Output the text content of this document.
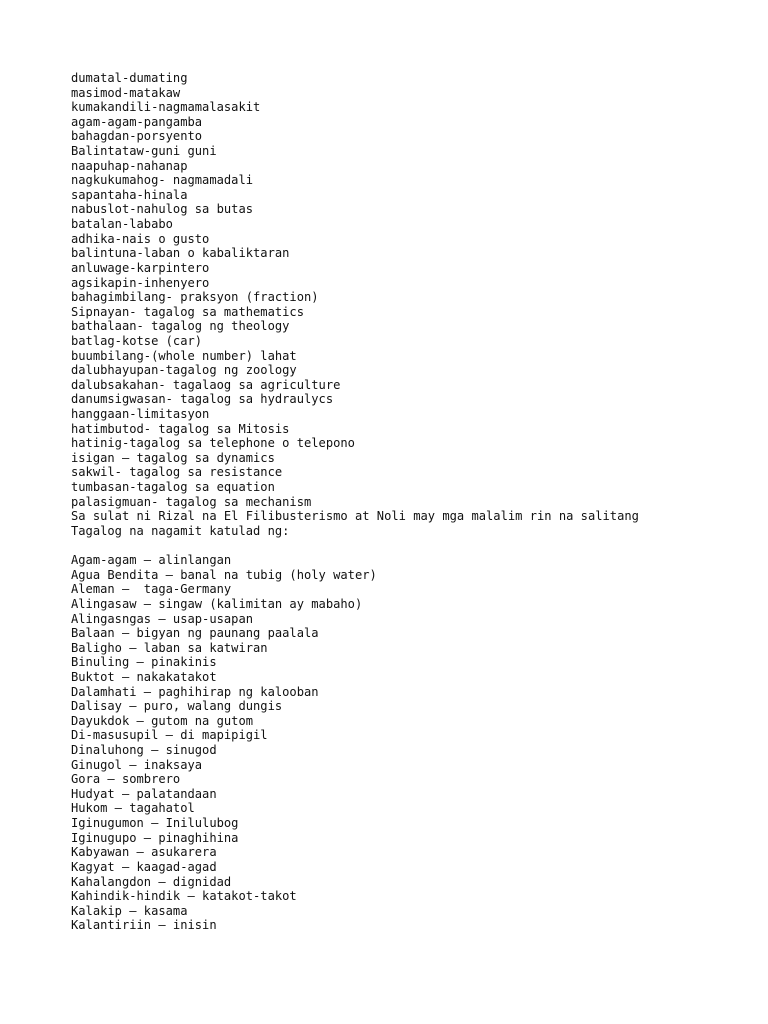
dumatal-dumating
masimod-matakaw
kumakandili-nagmamalasakit
agam-agam-pangamba
bahagdan-porsyento
Balintataw-guni guni
naapuhap-nahanap
nagkukumahog- nagmamadali
sapantaha-hinala
nabuslot-nahulog sa butas
batalan-lababo
adhika-nais o gusto
balintuna-laban o kabaliktaran
anluwage-karpintero
agsikapin-inhenyero
bahagimbilang- praksyon (fraction)
Sipnayan- tagalog sa mathematics
bathalaan- tagalog ng theology
batlag-kotse (car)
buumbilang-(whole number) lahat
dalubhayupan-tagalog ng zoology
dalubsakahan- tagalaog sa agriculture
danumsigwasan- tagalog sa hydraulycs
hanggaan-limitasyon
hatimbutod- tagalog sa Mitosis
hatinig-tagalog sa telephone o telepono
isigan – tagalog sa dynamics
sakwil- tagalog sa resistance
tumbasan-tagalog sa equation
palasigmuan- tagalog sa mechanism
Sa sulat ni Rizal na El Filibusterismo at Noli may mga malalim rin na salitang
Tagalog na nagamit katulad ng:
Agam-agam – alinlangan
Agua Bendita – banal na tubig (holy water)
Aleman –  taga-Germany
Alingasaw – singaw (kalimitan ay mabaho)
Alingasngas – usap-usapan
Balaan – bigyan ng paunang paalala
Baligho – laban sa katwiran
Binuling – pinakinis
Buktot – nakakatakot
Dalamhati – paghihirap ng kalooban
Dalisay – puro, walang dungis
Dayukdok – gutom na gutom
Di-masusupil – di mapipigil
Dinaluhong – sinugod
Ginugol – inaksaya
Gora – sombrero
Hudyat – palatandaan
Hukom – tagahatol
Iginugumon – Inilulubog
Iginugupo – pinaghihina
Kabyawan – asukarera
Kagyat – kaagad-agad
Kahalangdon – dignidad
Kahindik-hindik – katakot-takot
Kalakip – kasama
Kalantiriin – inisin
